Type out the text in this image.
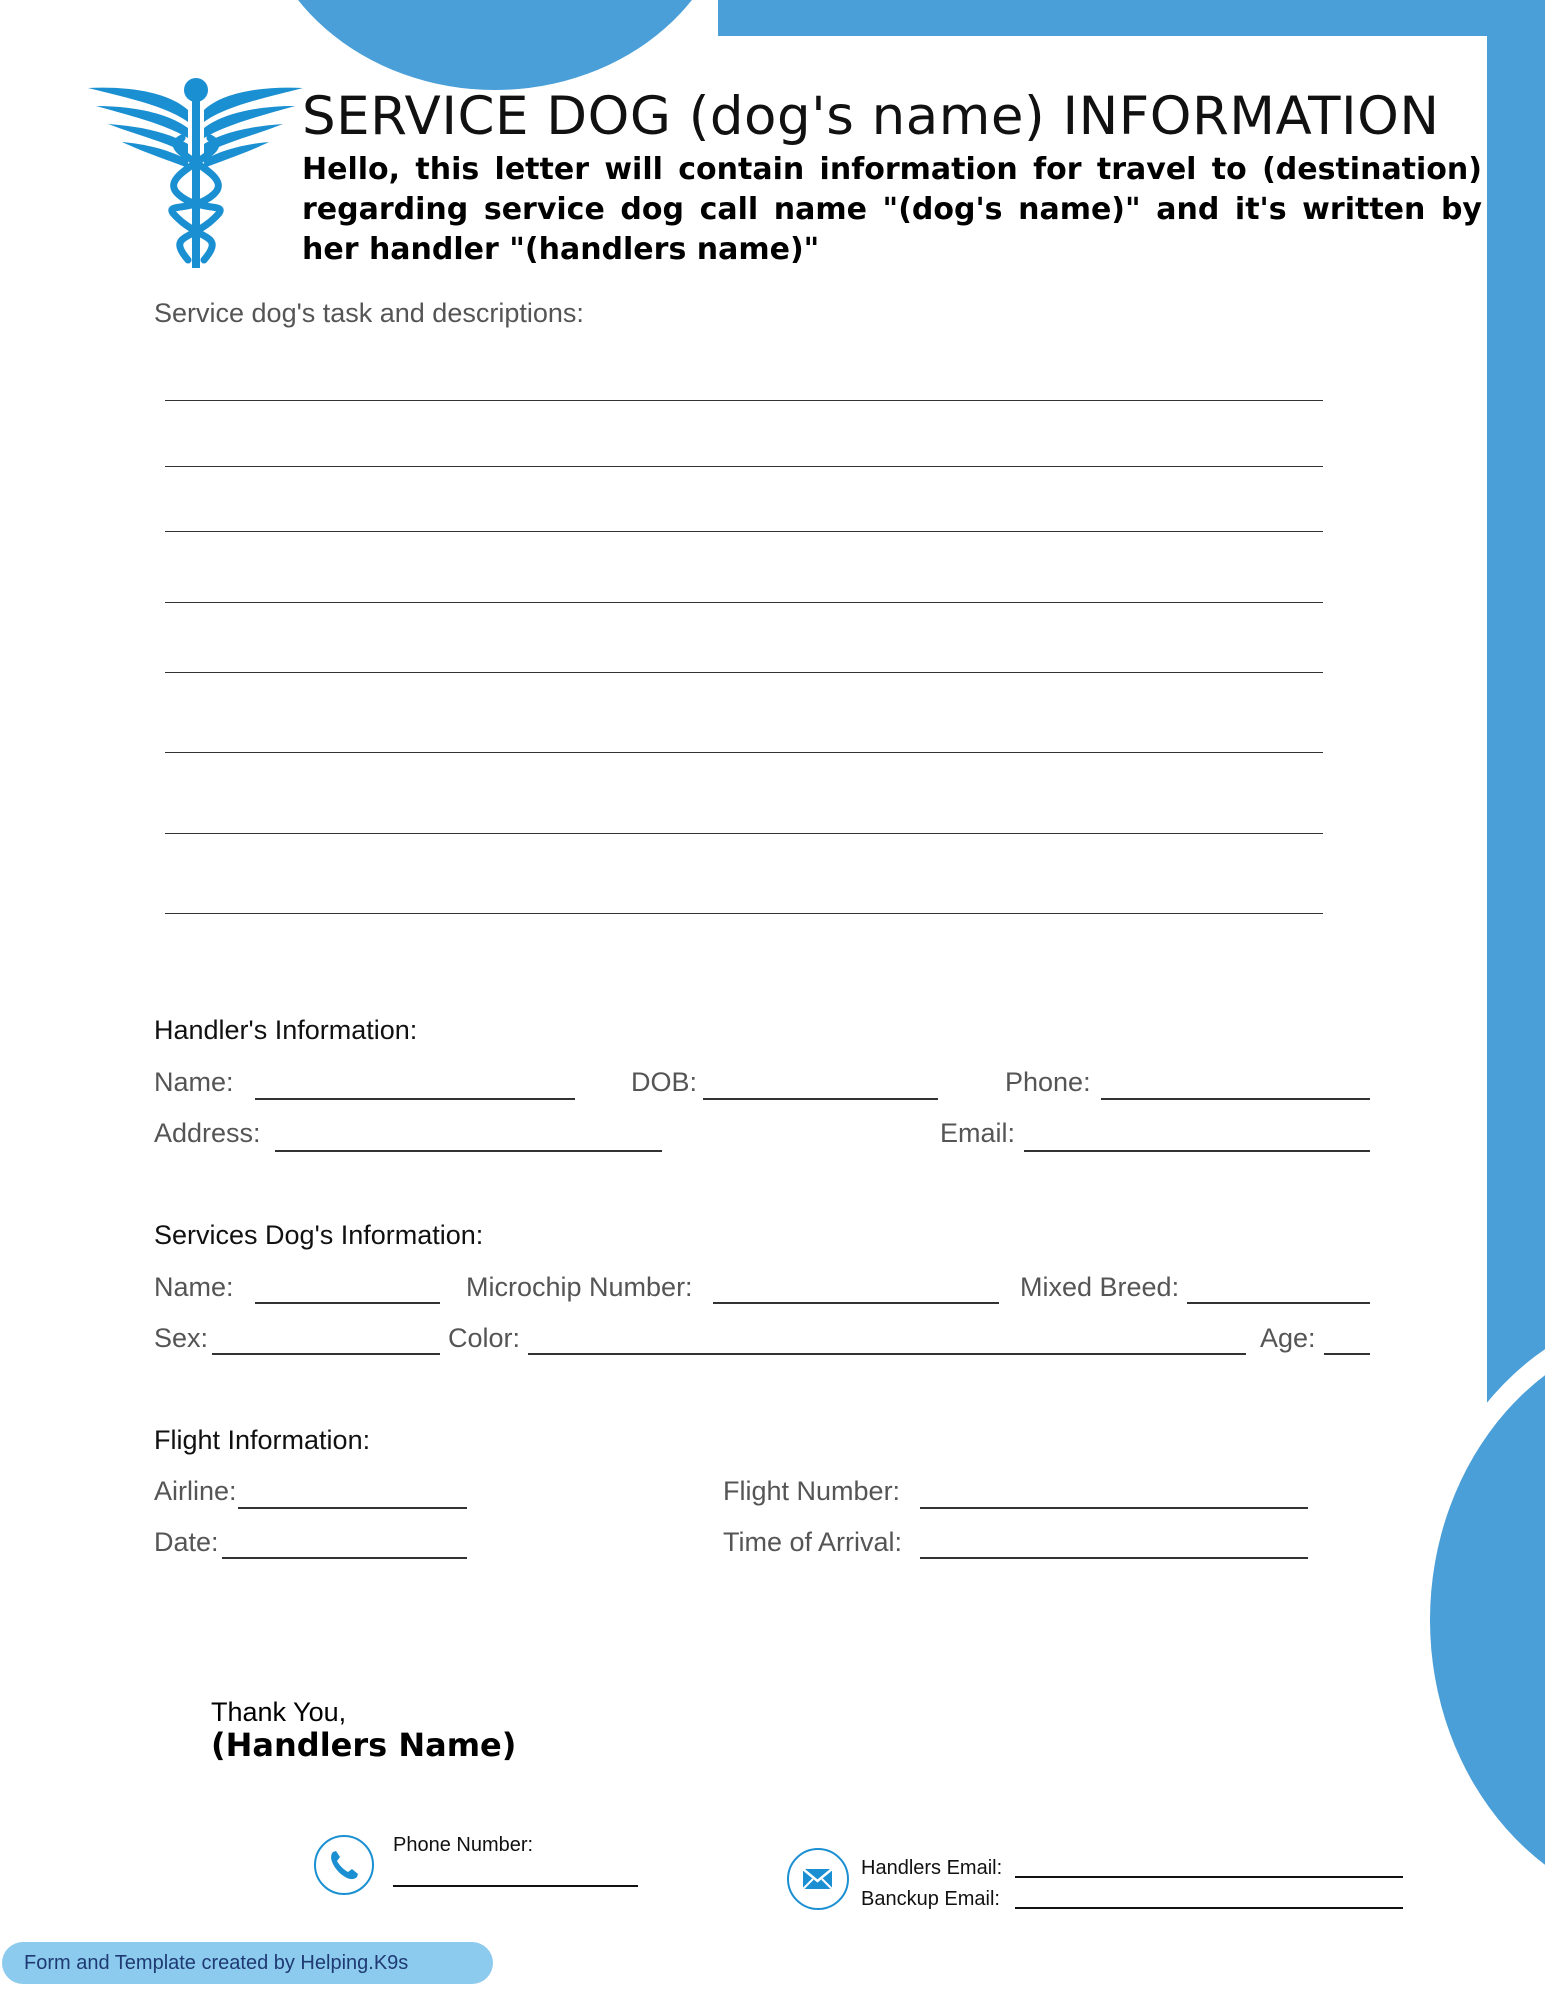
SERVICE DOG (dog's name) INFORMATION
Hello, this letter will contain information for travel to (destination) regarding service dog call name "(dog's name)" and it's written by her handler "(handlers name)"
Service dog's task and descriptions:
Handler's Information:
Name:	DOB:	Phone:
Address:	Email:
Services Dog's Information:
Name:	Microchip Number:	Mixed Breed:
Sex:	Color:	Age:
Flight Information:
Airline:	Flight Number:
Date:	Time of Arrival:
Thank You,
(Handlers Name)
Phone Number:
Handlers Email:
Banckup Email:
Form and Template created by Helping.K9s
